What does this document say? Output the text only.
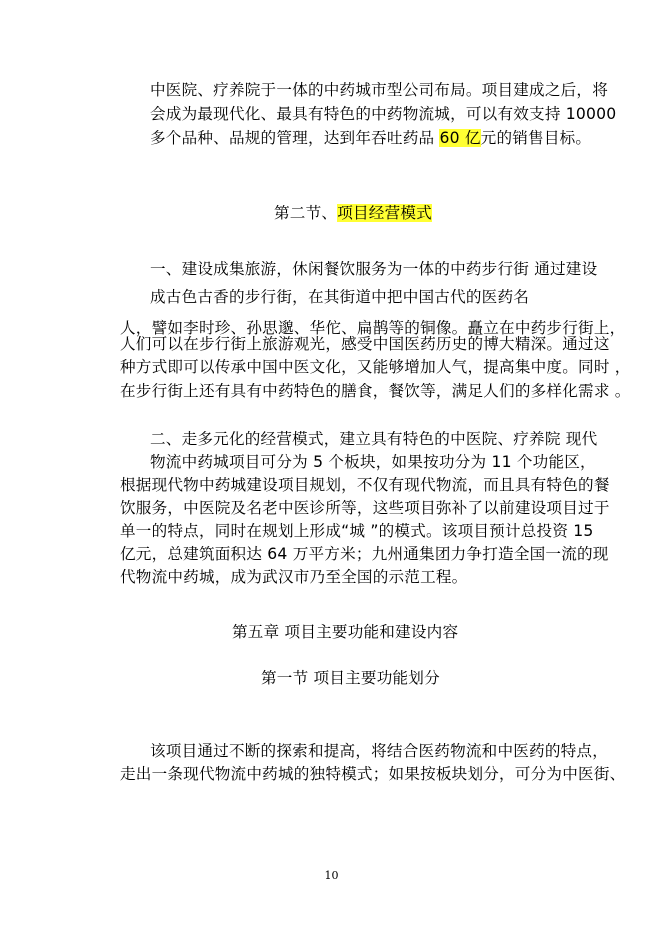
中医院、疗养院于一体的中药城市型公司布局。项目建成之后，将
会成为最现代化、最具有特色的中药物流城，可以有效支持 10000
多个品种、品规的管理，达到年吞吐药品 60 亿元的销售目标。
第二节、项目经营模式
一、建设成集旅游，休闲餐饮服务为一体的中药步行街 通过建设
成古色古香的步行街，在其街道中把中国古代的医药名
人，譬如李时珍、孙思邈、华佗、扁鹊等的铜像。矗立在中药步行街上，
人们可以在步行街上旅游观光，感受中国医药历史的博大精深。通过这
种方式即可以传承中国中医文化，又能够增加人气，提高集中度。同时 ，
在步行街上还有具有中药特色的膳食，餐饮等，满足人们的多样化需求 。
二、走多元化的经营模式，建立具有特色的中医院、疗养院 现代
物流中药城项目可分为 5 个板块，如果按功分为 11 个功能区，
根据现代物中药城建设项目规划，不仅有现代物流，而且具有特色的餐
饮服务，中医院及名老中医诊所等，这些项目弥补了以前建设项目过于
单一的特点，同时在规划上形成“城 ”的模式。该项目预计总投资 15
亿元，总建筑面积达 64 万平方米；九州通集团力争打造全国一流的现
代物流中药城，成为武汉市乃至全国的示范工程。
第五章 项目主要功能和建设内容
第一节 项目主要功能划分
该项目通过不断的探索和提高，将结合医药物流和中医药的特点，
走出一条现代物流中药城的独特模式；如果按板块划分，可分为中医街、
10
